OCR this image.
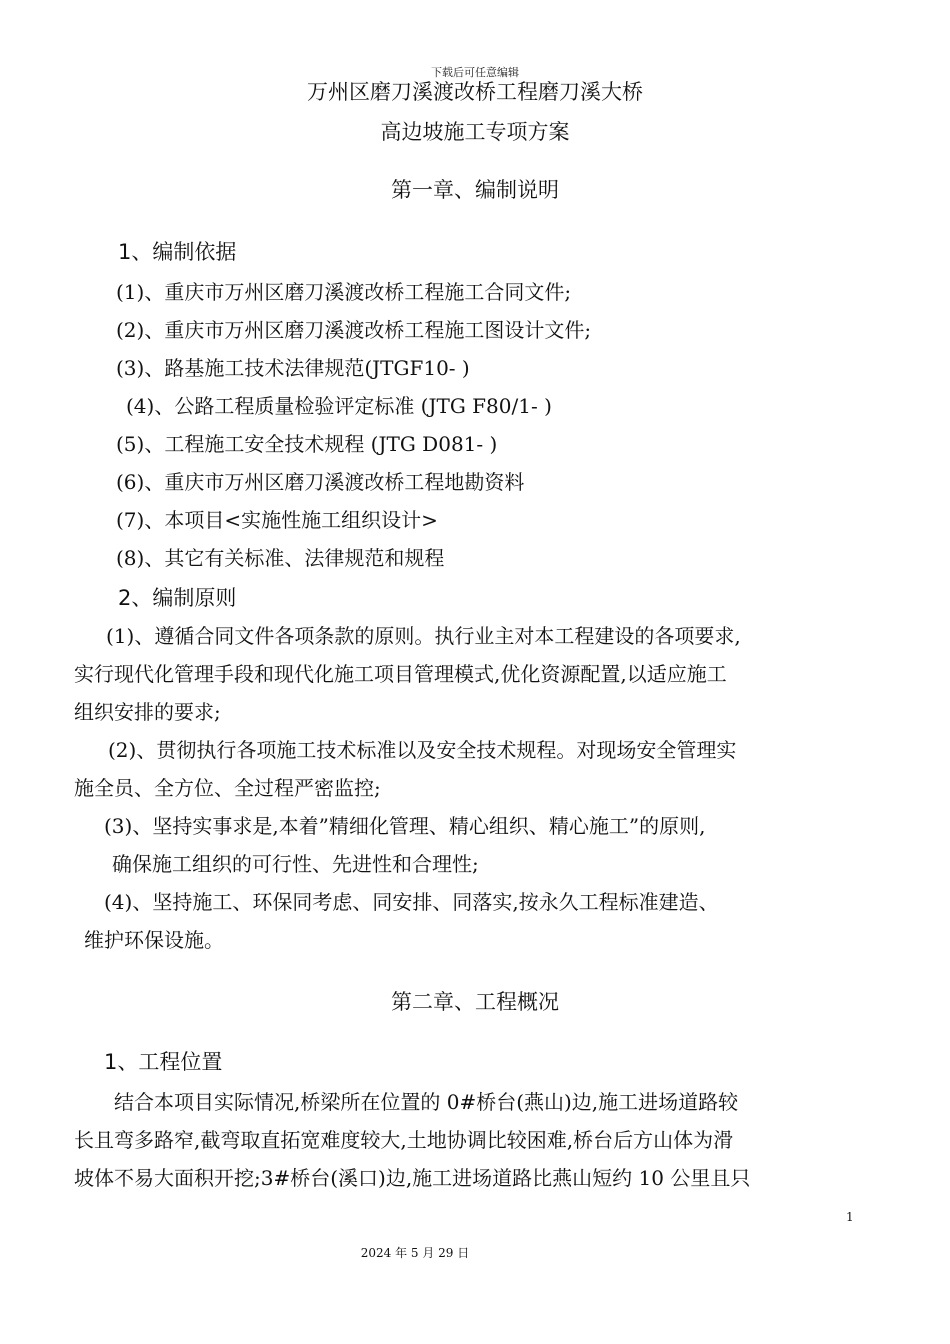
下载后可任意编辑
万州区磨刀溪渡改桥工程磨刀溪大桥
高边坡施工专项方案
第一章、编制说明
1、编制依据
(1)、重庆市万州区磨刀溪渡改桥工程施工合同文件;
(2)、重庆市万州区磨刀溪渡改桥工程施工图设计文件;
(3)、路基施工技术法律规范(JTGF10- )
(4)、公路工程质量检验评定标准 (JTG F80/1- )
(5)、工程施工安全技术规程 (JTG D081- )
(6)、重庆市万州区磨刀溪渡改桥工程地勘资料
(7)、本项目<实施性施工组织设计>
(8)、其它有关标准、法律规范和规程
2、编制原则
(1)、遵循合同文件各项条款的原则。执行业主对本工程建设的各项要求,
实行现代化管理手段和现代化施工项目管理模式,优化资源配置,以适应施工
组织安排的要求;
(2)、贯彻执行各项施工技术标准以及安全技术规程。对现场安全管理实
施全员、全方位、全过程严密监控;
(3)、坚持实事求是,本着”精细化管理、精心组织、精心施工”的原则,
确保施工组织的可行性、先进性和合理性;
(4)、坚持施工、环保同考虑、同安排、同落实,按永久工程标准建造、
维护环保设施。
第二章、工程概况
1、工程位置
结合本项目实际情况,桥梁所在位置的 0#桥台(燕山)边,施工进场道路较
长且弯多路窄,截弯取直拓宽难度较大,土地协调比较困难,桥台后方山体为滑
坡体不易大面积开挖;3#桥台(溪口)边,施工进场道路比燕山短约 10 公里且只
1
2024 年 5 月 29 日
